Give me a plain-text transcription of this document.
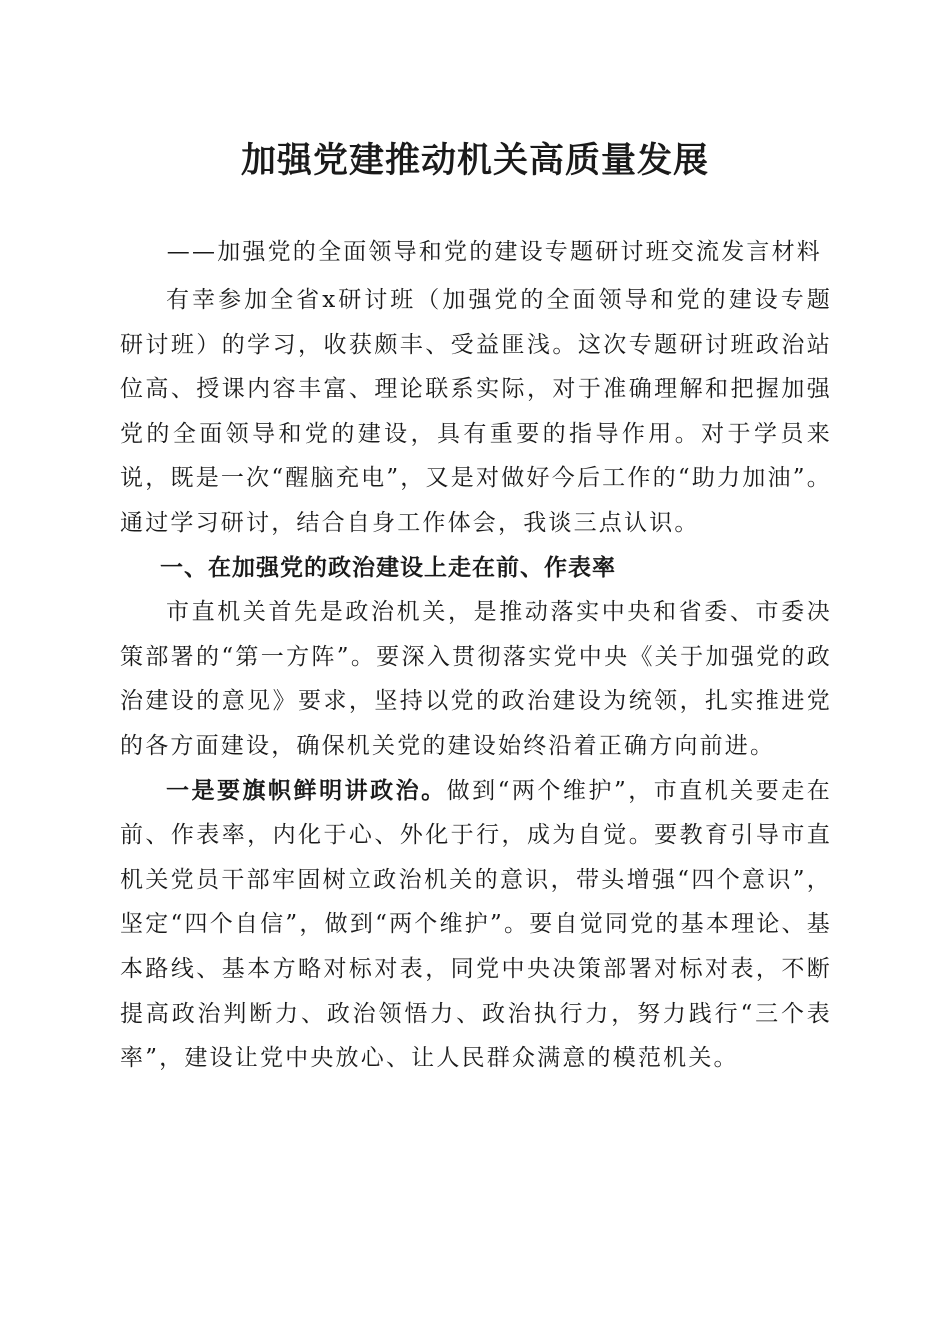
加强党建推动机关高质量发展
——加强党的全面领导和党的建设专题研讨班交流发言材料

有幸参加全省x研讨班（加强党的全面领导和党的建设专题研讨班）的学习，收获颇丰、受益匪浅。这次专题研讨班政治站位高、授课内容丰富、理论联系实际，对于准确理解和把握加强党的全面领导和党的建设，具有重要的指导作用。对于学员来说，既是一次“醒脑充电”，又是对做好今后工作的“助力加油”。通过学习研讨，结合自身工作体会，我谈三点认识。

一、在加强党的政治建设上走在前、作表率

市直机关首先是政治机关，是推动落实中央和省委、市委决策部署的“第一方阵”。要深入贯彻落实党中央《关于加强党的政治建设的意见》要求，坚持以党的政治建设为统领，扎实推进党的各方面建设，确保机关党的建设始终沿着正确方向前进。

一是要旗帜鲜明讲政治。做到“两个维护”，市直机关要走在前、作表率，内化于心、外化于行，成为自觉。要教育引导市直机关党员干部牢固树立政治机关的意识，带头增强“四个意识”，坚定“四个自信”，做到“两个维护”。要自觉同党的基本理论、基本路线、基本方略对标对表，同党中央决策部署对标对表，不断提高政治判断力、政治领悟力、政治执行力，努力践行“三个表率”，建设让党中央放心、让人民群众满意的模范机关。
